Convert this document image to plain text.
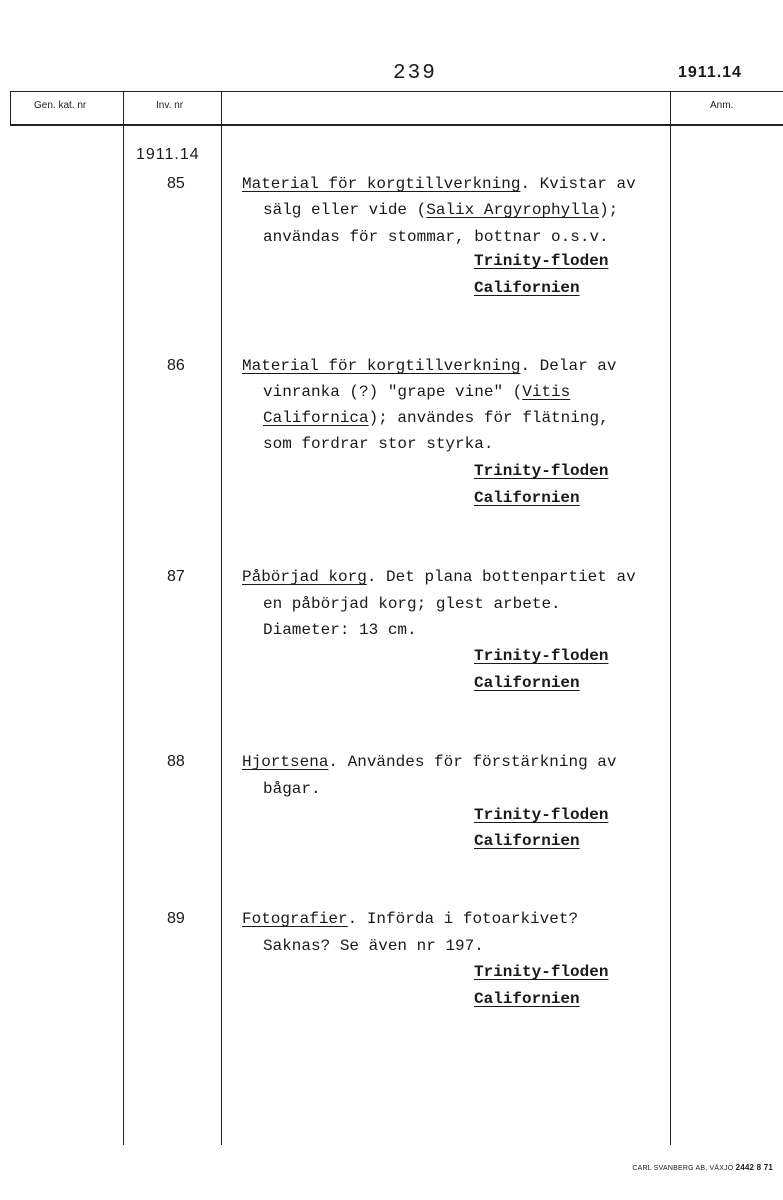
239	1911.14
Gen. kat. nr	Inv. nr	Anm.
1911.14
85	Material för korgtillverkning. Kvistar av
sälg eller vide (Salix Argyrophylla);
användas för stommar, bottnar o.s.v.
Trinity-floden
Californien
86	Material för korgtillverkning. Delar av
vinranka (?) "grape vine" (Vitis
Californica); användes för flätning,
som fordrar stor styrka.
Trinity-floden
Californien
87	Påbörjad korg. Det plana bottenpartiet av
en påbörjad korg; glest arbete.
Diameter: 13 cm.
Trinity-floden
Californien
88	Hjortsena. Användes för förstärkning av
bågar.
Trinity-floden
Californien
89	Fotografier. Införda i fotoarkivet?
Saknas? Se även nr 197.
Trinity-floden
Californien
CARL SVANBERG AB, VÄXJÖ 2442 8 71
